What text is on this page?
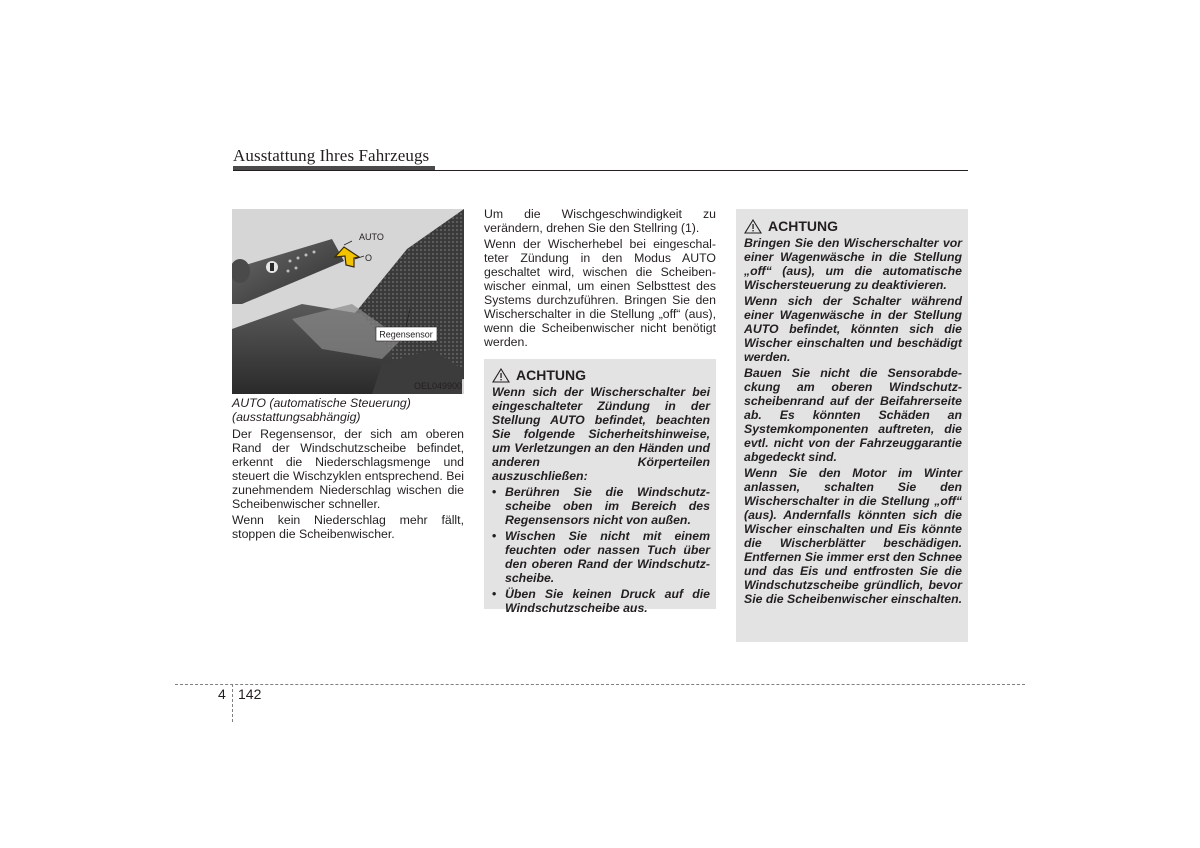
Ausstattung Ihres Fahrzeugs
AUTO
O
Regensensor
OEL049900
AUTO (automatische Steuerung)
(ausstattungsabhängig)

Der Regensensor, der sich am oberen Rand der Windschutzscheibe befindet, erkennt die Niederschlagsmenge und steuert die Wischzyklen entsprechend. Bei zunehmendem Niederschlag wischen die Scheibenwischer schneller.

Wenn kein Niederschlag mehr fällt, stoppen die Scheibenwischer.

Um die Wischgeschwindigkeit zu verändern, drehen Sie den Stellring (1).

Wenn der Wischerhebel bei eingeschalteter Zündung in den Modus AUTO geschaltet wird, wischen die Scheibenwischer einmal, um einen Selbsttest des Systems durchzuführen. Bringen Sie den Wischerschalter in die Stellung „off“ (aus), wenn die Scheibenwischer nicht benötigt werden.

ACHTUNG

Wenn sich der Wischerschalter bei eingeschalteter Zündung in der Stellung AUTO befindet, beachten Sie folgende Sicherheitshinweise, um Verletzungen an den Händen und anderen Körperteilen auszuschließen:

• Berühren Sie die Windschutzscheibe oben im Bereich des Regensensors nicht von außen.
• Wischen Sie nicht mit einem feuchten oder nassen Tuch über den oberen Rand der Windschutzscheibe.
• Üben Sie keinen Druck auf die Windschutzscheibe aus.
ACHTUNG

Bringen Sie den Wischerschalter vor einer Wagenwäsche in die Stellung „off“ (aus), um die automatische Wischersteuerung zu deaktivieren.

Wenn sich der Schalter während einer Wagenwäsche in der Stellung AUTO befindet, könnten sich die Wischer einschalten und beschädigt werden.

Bauen Sie nicht die Sensorabdeckung am oberen Windschutzscheibenrand auf der Beifahrerseite ab. Es könnten Schäden an Systemkomponenten auftreten, die evtl. nicht von der Fahrzeuggarantie abgedeckt sind.

Wenn Sie den Motor im Winter anlassen, schalten Sie den Wischerschalter in die Stellung „off“ (aus). Andernfalls könnten sich die Wischer einschalten und Eis könnte die Wischerblätter beschädigen. Entfernen Sie immer erst den Schnee und das Eis und entfrosten Sie die Windschutzscheibe gründlich, bevor Sie die Scheibenwischer einschalten.

4 142
